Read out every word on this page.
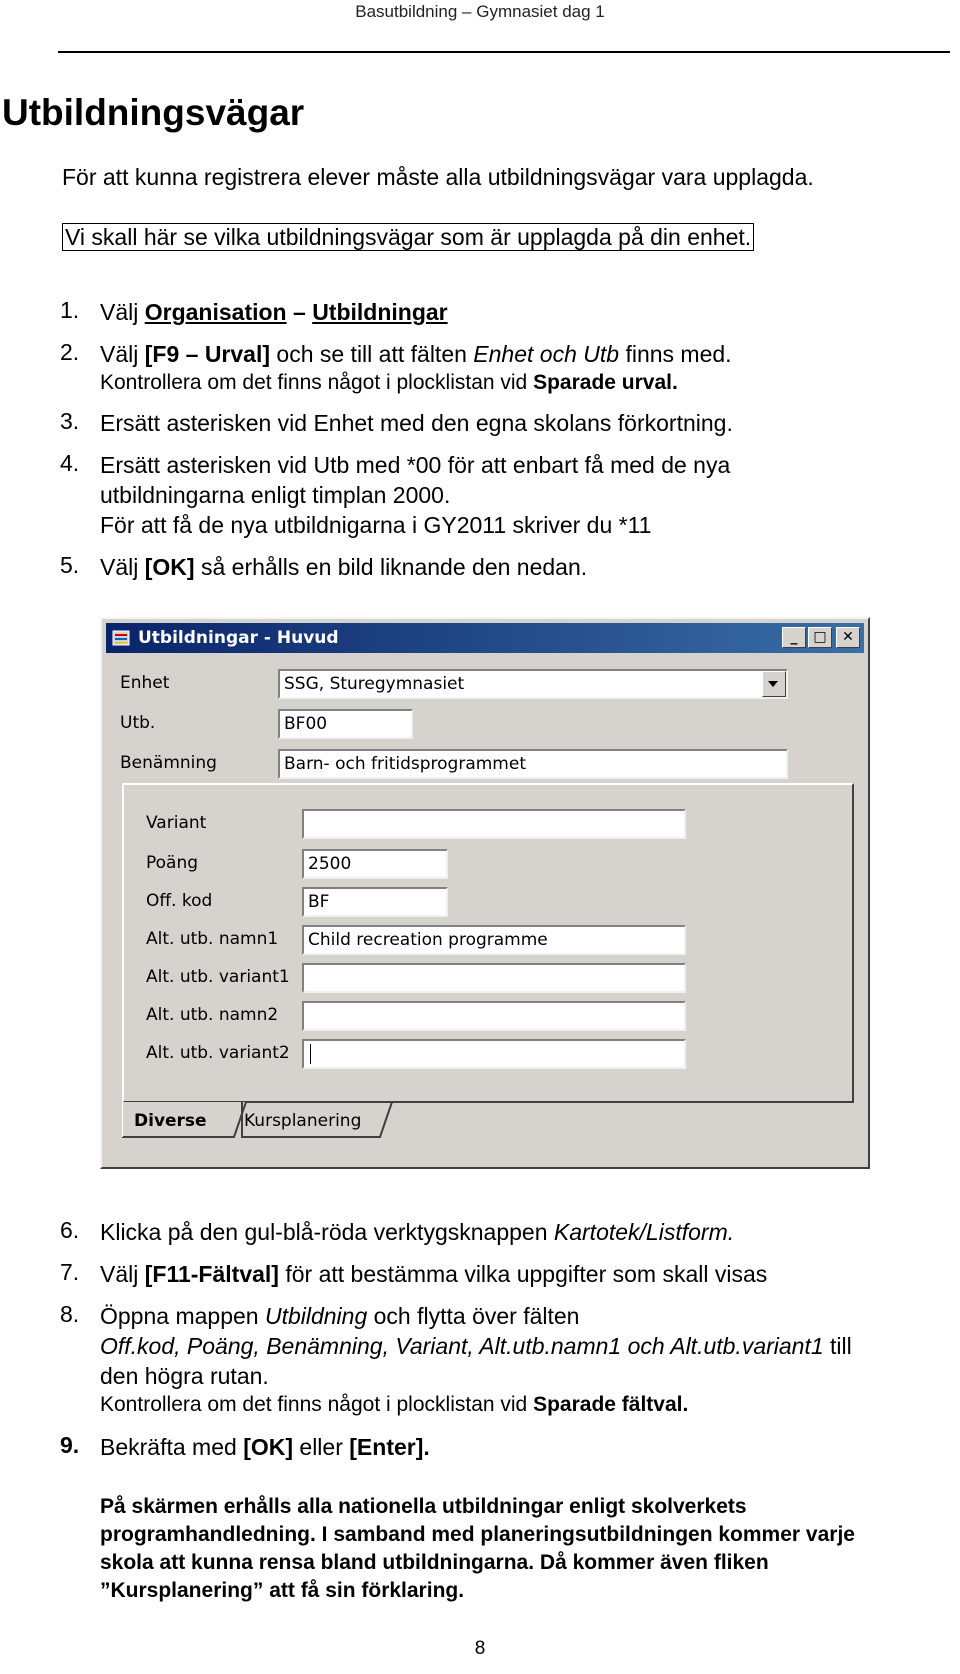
Basutbildning – Gymnasiet dag 1
Utbildningsvägar
För att kunna registrera elever måste alla utbildningsvägar vara upplagda.
Vi skall här se vilka utbildningsvägar som är upplagda på din enhet.
1. Välj Organisation – Utbildningar
2. Välj [F9 – Urval] och se till att fälten Enhet och Utb finns med.
Kontrollera om det finns något i plocklistan vid Sparade urval.
3. Ersätt asterisken vid Enhet med den egna skolans förkortning.
4. Ersätt asterisken vid Utb med *00 för att enbart få med de nya
utbildningarna enligt timplan 2000.
För att få de nya utbildnigarna i GY2011 skriver du *11
5. Välj [OK] så erhålls en bild liknande den nedan.
Utbildningar - Huvud	_	□	✕
Enhet	SSG, Sturegymnasiet
Utb.	BF00
Benämning	Barn- och fritidsprogrammet
Variant
Poäng	2500
Off. kod	BF
Alt. utb. namn1	Child recreation programme
Alt. utb. variant1
Alt. utb. namn2
Alt. utb. variant2
Diverse Kursplanering
6. Klicka på den gul-blå-röda verktygsknappen Kartotek/Listform.
7. Välj [F11-Fältval] för att bestämma vilka uppgifter som skall visas
8. Öppna mappen Utbildning och flytta över fälten
Off.kod, Poäng, Benämning, Variant, Alt.utb.namn1 och Alt.utb.variant1 till
den högra rutan.
Kontrollera om det finns något i plocklistan vid Sparade fältval.
9. Bekräfta med [OK] eller [Enter].
På skärmen erhålls alla nationella utbildningar enligt skolverkets
programhandledning. I samband med planeringsutbildningen kommer varje
skola att kunna rensa bland utbildningarna. Då kommer även fliken
”Kursplanering” att få sin förklaring.
8
